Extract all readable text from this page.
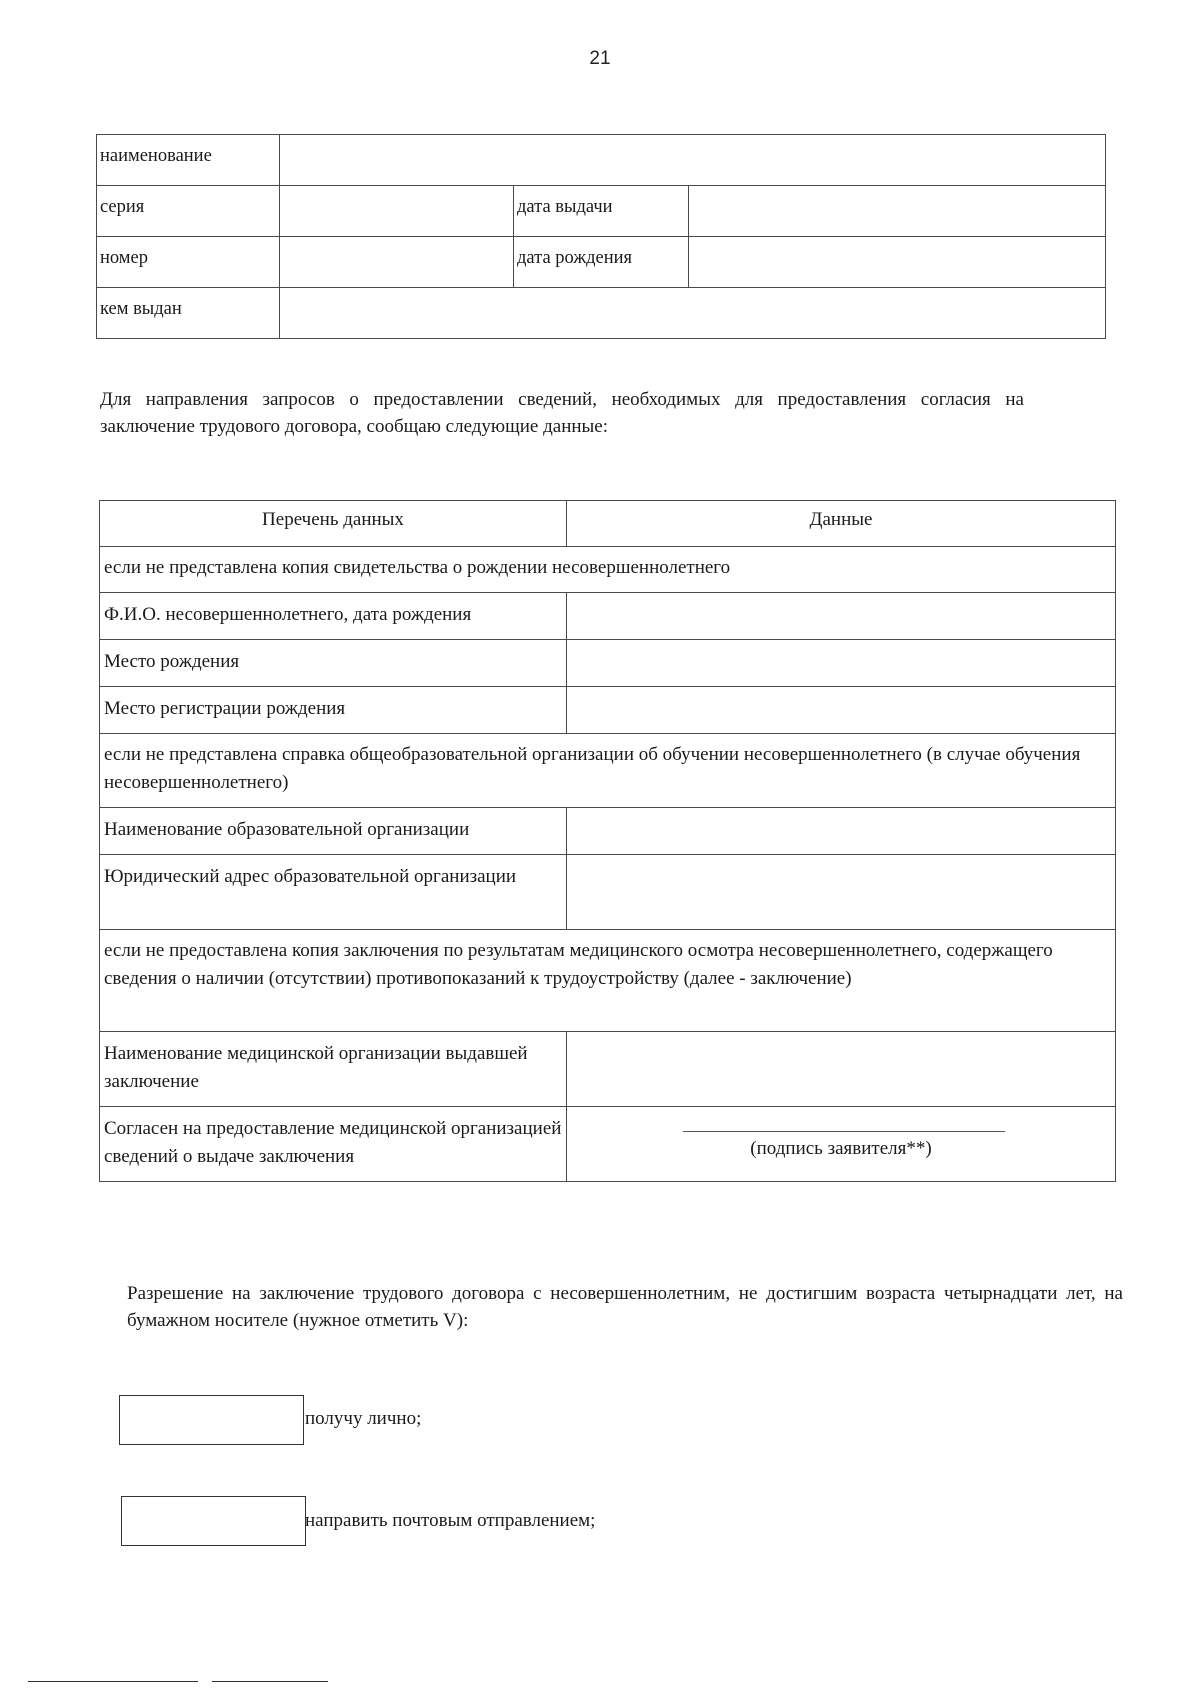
21
наименование			
серия		дата выдачи	
номер		дата рождения	
кем выдан			
Для направления запросов о предоставлении сведений, необходимых для предоставления согласия на заключение трудового договора, сообщаю следующие данные:
Перечень данных	Данные
если не представлена копия свидетельства о рождении несовершеннолетнего	
Ф.И.О. несовершеннолетнего, дата рождения	
Место рождения	
Место регистрации рождения	
если не представлена справка общеобразовательной организации об обучении несовершеннолетнего (в случае обучения несовершеннолетнего)	
Наименование образовательной организации	
Юридический адрес образовательной организации	
если не предоставлена копия заключения по результатам медицинского осмотра несовершеннолетнего, содержащего сведения о наличии (отсутствии) противопоказаний к трудоустройству (далее - заключение)	
Наименование медицинской организации выдавшей заключение	
Согласен на предоставление медицинской организацией сведений о выдаче заключения	(подпись заявителя**)
Разрешение на заключение трудового договора с несовершеннолетним, не достигшим возраста четырнадцати лет, на бумажном носителе (нужное отметить V):
получу лично;
направить почтовым отправлением;
